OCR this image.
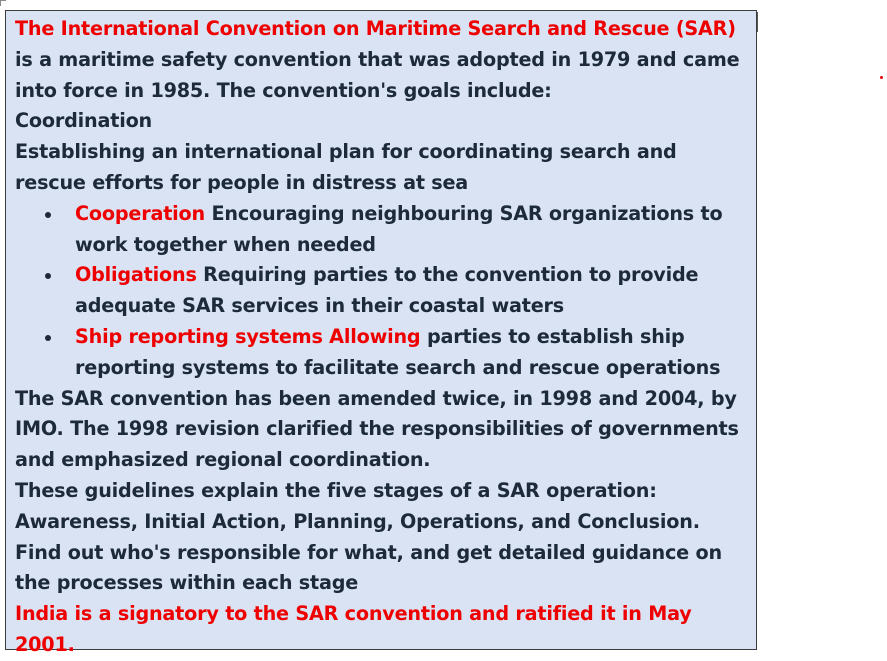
The International Convention on Maritime Search and Rescue (SAR) is a maritime safety convention that was adopted in 1979 and came into force in 1985. The convention's goals include:

Coordination

Establishing an international plan for coordinating search and rescue efforts for people in distress at sea

Cooperation Encouraging neighbouring SAR organizations to work together when needed
Obligations Requiring parties to the convention to provide adequate SAR services in their coastal waters
Ship reporting systems Allowing parties to establish ship reporting systems to facilitate search and rescue operations

The SAR convention has been amended twice, in 1998 and 2004, by IMO. The 1998 revision clarified the responsibilities of governments and emphasized regional coordination.

These guidelines explain the five stages of a SAR operation: Awareness, Initial Action, Planning, Operations, and Conclusion. Find out who's responsible for what, and get detailed guidance on the processes within each stage

India is a signatory to the SAR convention and ratified it in May 2001.
